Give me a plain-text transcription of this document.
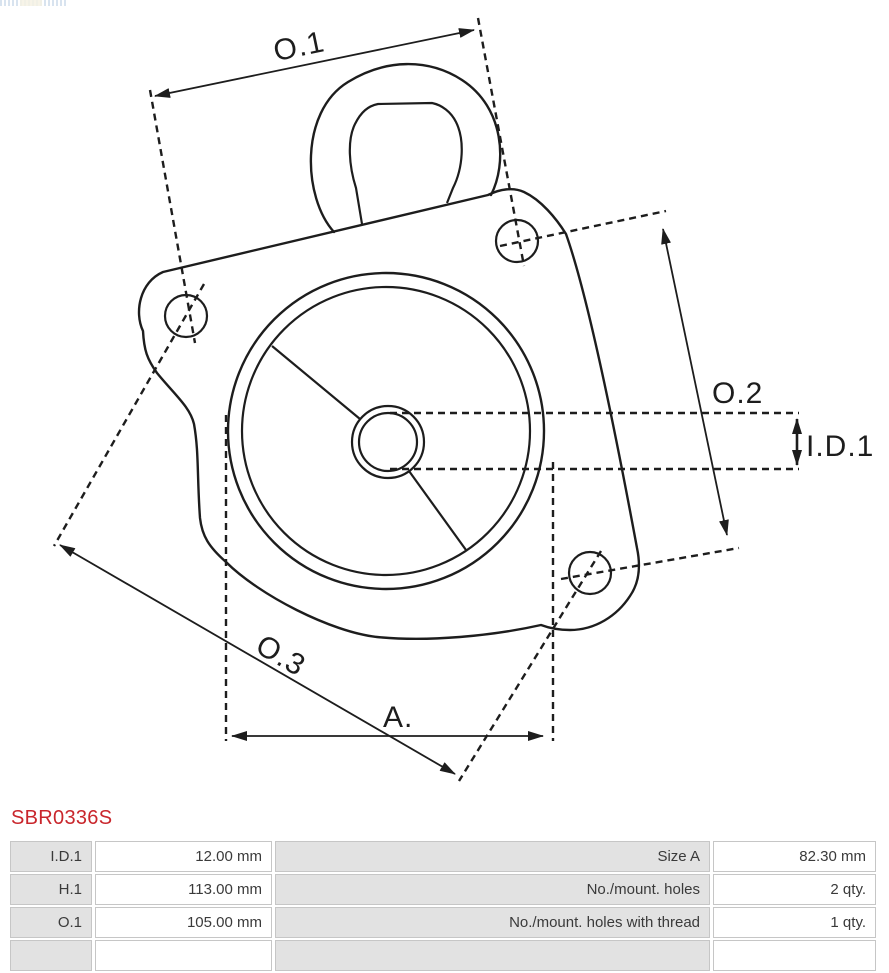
O.1
O.2
I.D.1
O.3
A.
SBR0336S
I.D.1	12.00 mm	Size A	82.30 mm
H.1	113.00 mm	No./mount. holes	2 qty.
O.1	105.00 mm	No./mount. holes with thread	1 qty.
